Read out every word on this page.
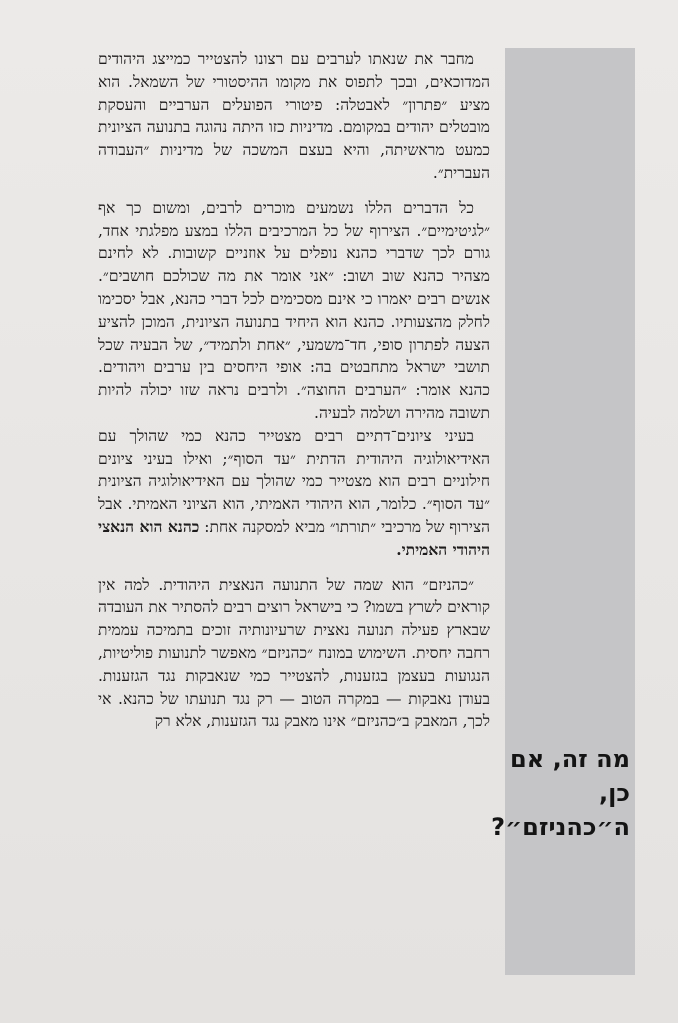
מה זה, אם
כן,
ה״כהניזם״?

מחבר את שנאתו לערבים עם רצונו להצטייר כמייצג היהודים המדוכאים, ובכך לתפוס את מקומו ההיסטורי של השמאל. הוא מציע ״פתרון״ לאבטלה: פיטורי הפועלים הערביים והעסקת מובטלים יהודים במקומם. מדיניות כזו היתה נהוגה בתנועה הציונית כמעט מראשיתה, והיא בעצם המשכה של מדיניות ״העבודה העברית״.

כל הדברים הללו נשמעים מוכרים לרבים, ומשום כך אף ״לגיטימיים״. הצירוף של כל המרכיבים הללו במצע מפלגתי אחד, גורם לכך שדברי כהנא נופלים על אוזניים קשובות. לא לחינם מצהיר כהנא שוב ושוב: ״אני אומר את מה שכולכם חושבים״. אנשים רבים יאמרו כי אינם מסכימים לכל דברי כהנא, אבל יסכימו לחלק מהצעותיו. כהנא הוא היחיד בתנועה הציונית, המוכן להציע הצעה לפתרון סופי, חד־משמעי, ״אחת ולתמיד״, של הבעיה שכל תושבי ישראל מתחבטים בה: אופי היחסים בין ערבים ויהודים. כהנא אומר: ״הערבים החוצה״. ולרבים נראה שזו יכולה להיות תשובה מהירה ושלמה לבעיה.

בעיני ציונים־דתיים רבים מצטייר כהנא כמי שהולך עם האידיאולוגיה היהודית הדתית ״עד הסוף״; ואילו בעיני ציונים חילוניים רבים הוא מצטייר כמי שהולך עם האידיאולוגיה הציונית ״עד הסוף״. כלומר, הוא היהודי האמיתי, הוא הציוני האמיתי. אבל הצירוף של מרכיבי ״תורתו״ מביא למסקנה אחת: כהנא הוא הנאצי היהודי האמיתי.

״כהניזם״ הוא שמה של התנועה הנאצית היהודית. למה אין קוראים לשרץ בשמו? כי בישראל רוצים רבים להסתיר את העובדה שבארץ פעילה תנועה נאצית שרעיונותיה זוכים בתמיכה עממית רחבה יחסית. השימוש במונח ״כהניזם״ מאפשר לתנועות פוליטיות, הנגועות בעצמן בגזענות, להצטייר כמי שנאבקות נגד הגזענות. בעודן נאבקות — במקרה הטוב — רק נגד תנועתו של כהנא. אי לכך, המאבק ב״כהניזם״ אינו מאבק נגד הגזענות, אלא רק
